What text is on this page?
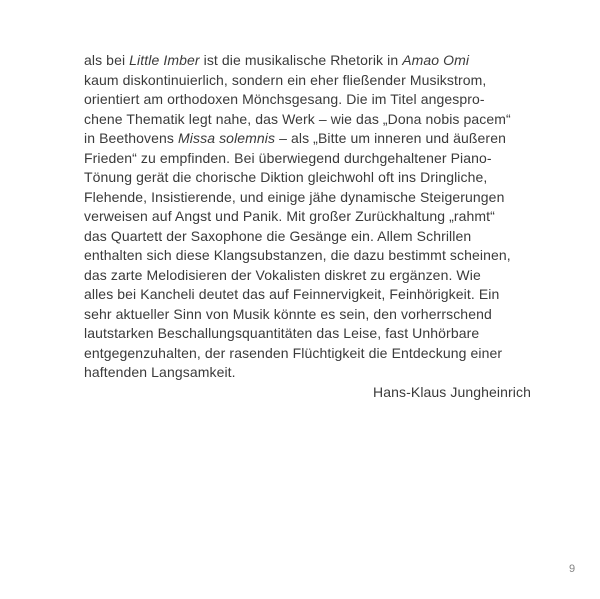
als bei Little Imber ist die musikalische Rhetorik in Amao Omi
kaum diskontinuierlich, sondern ein eher fließender Musikstrom,
orientiert am orthodoxen Mönchsgesang. Die im Titel angespro-
chene Thematik legt nahe, das Werk – wie das „Dona nobis pacem“
in Beethovens Missa solemnis – als „Bitte um inneren und äußeren
Frieden“ zu empfinden. Bei überwiegend durchgehaltener Piano-
Tönung gerät die chorische Diktion gleichwohl oft ins Dringliche,
Flehende, Insistierende, und einige jähe dynamische Steigerungen
verweisen auf Angst und Panik. Mit großer Zurückhaltung „rahmt“
das Quartett der Saxophone die Gesänge ein. Allem Schrillen
enthalten sich diese Klangsubstanzen, die dazu bestimmt scheinen,
das zarte Melodisieren der Vokalisten diskret zu ergänzen. Wie
alles bei Kancheli deutet das auf Feinnervigkeit, Feinhörigkeit. Ein
sehr aktueller Sinn von Musik könnte es sein, den vorherrschend
lautstarken Beschallungsquantitäten das Leise, fast Unhörbare
entgegenzuhalten, der rasenden Flüchtigkeit die Entdeckung einer
haftenden Langsamkeit.
Hans-Klaus Jungheinrich
9
